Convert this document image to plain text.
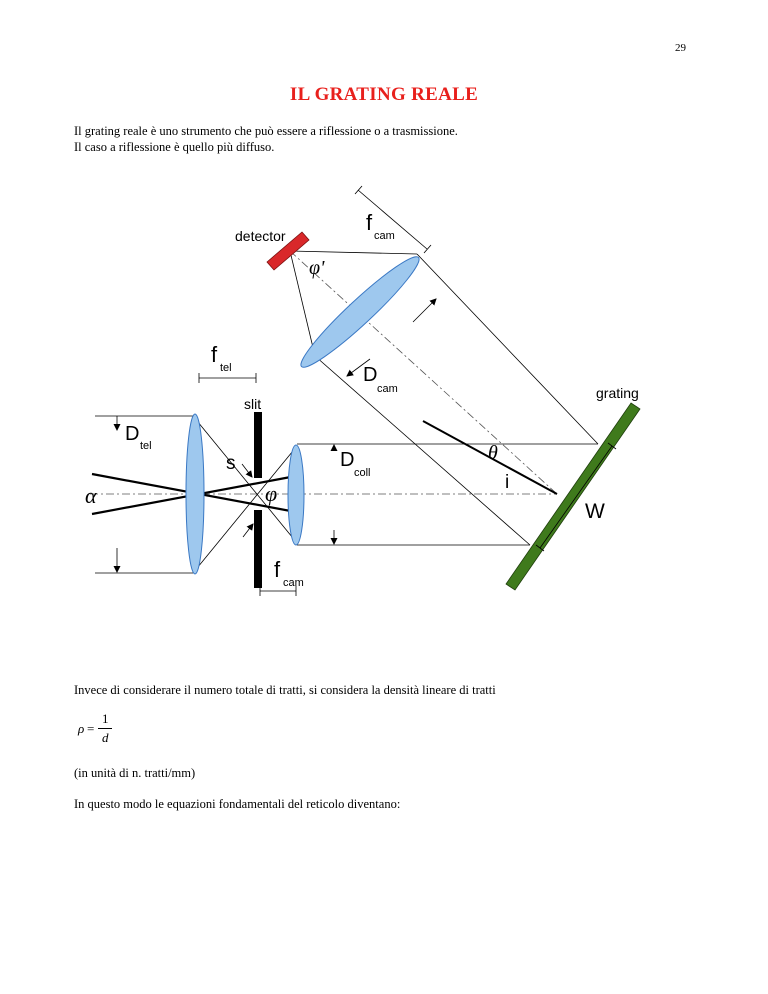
29
IL GRATING REALE
Il grating reale è uno strumento che può essere a riflessione o a trasmissione.
Il caso a riflessione è quello più diffuso.
detector
f
cam
φ'
f
tel	D
cam	grating
slit
D
tel
s	D
coll
θ
i
α	φ
W
f
cam
Invece di considerare il numero totale di tratti, si considera la densità lineare di tratti
ρ =
1
d
(in unità di n. tratti/mm)
In questo modo le equazioni fondamentali del reticolo diventano:
